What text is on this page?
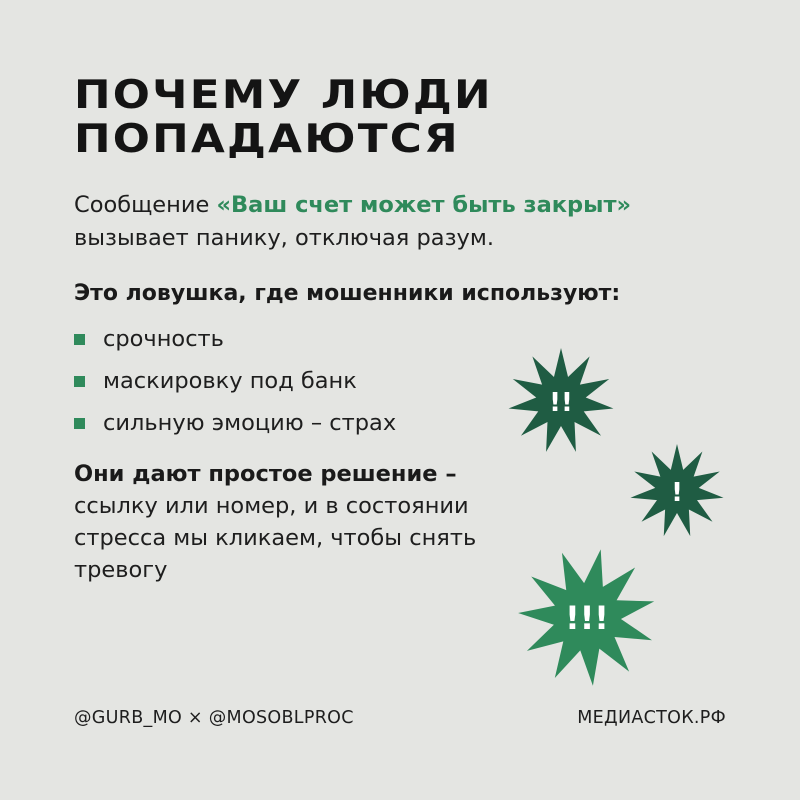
ПОЧЕМУ ЛЮДИ
ПОПАДАЮТСЯ

Сообщение «Ваш счет может быть закрыт»
вызывает панику, отключая разум.

Это ловушка, где мошенники используют:

срочность
маскировку под банк
сильную эмоцию – страх

Они дают простое решение –
ссылку или номер, и в состоянии стресса мы кликаем, чтобы снять тревогу

!!
!
!!!
@GURB_MO × @MOSOBLPROC	МЕДИАСТОК.РФ
